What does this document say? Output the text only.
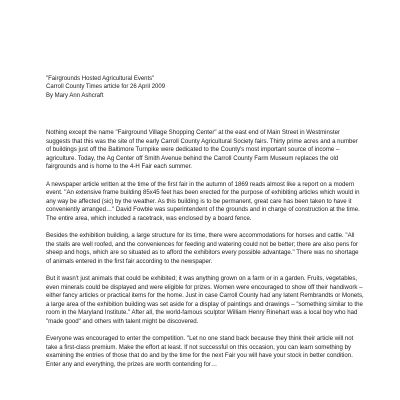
"Fairgrounds Hosted Agricultural Events"
Carroll County Times article for 26 April 2009
By Mary Ann Ashcraft

Nothing except the name "Fairground Village Shopping Center" at the east end of Main Street in Westminster suggests that this was the site of the early Carroll County Agricultural Society fairs. Thirty prime acres and a number of buildings just off the Baltimore Turnpike were dedicated to the County's most important source of income – agriculture. Today, the Ag Center off Smith Avenue behind the Carroll County Farm Museum replaces the old fairgrounds and is home to the 4-H Fair each summer.

A newspaper article written at the time of the first fair in the autumn of 1869 reads almost like a report on a modern event. "An extensive frame building 85x45 feet has been erected for the purpose of exhibiting articles which would in any way be affected (sic) by the weather. As this building is to be permanent, great care has been taken to have it conveniently arranged…" David Fowble was superintendent of the grounds and in charge of construction at the time. The entire area, which included a racetrack, was enclosed by a board fence.

Besides the exhibition building, a large structure for its time, there were accommodations for horses and cattle. "All the stalls are well roofed, and the conveniences for feeding and watering could not be better; there are also pens for sheep and hogs, which are so situated as to afford the exhibitors every possible advantage." There was no shortage of animals entered in the first fair according to the newspaper.

But it wasn't just animals that could be exhibited; it was anything grown on a farm or in a garden. Fruits, vegetables, even minerals could be displayed and were eligible for prizes. Women were encouraged to show off their handiwork – either fancy articles or practical items for the home. Just in case Carroll County had any latent Rembrandts or Monets, a large area of the exhibition building was set aside for a display of paintings and drawings – "something similar to the room in the Maryland Institute." After all, the world-famous sculptor William Henry Rinehart was a local boy who had "made good" and others with talent might be discovered.

Everyone was encouraged to enter the competition. "Let no one stand back because they think their article will not take a first-class premium. Make the effort at least. If not successful on this occasion, you can learn something by examining the entries of those that do and by the time for the next Fair you will have your stock in better condition. Enter any and everything, the prizes are worth contending for…
